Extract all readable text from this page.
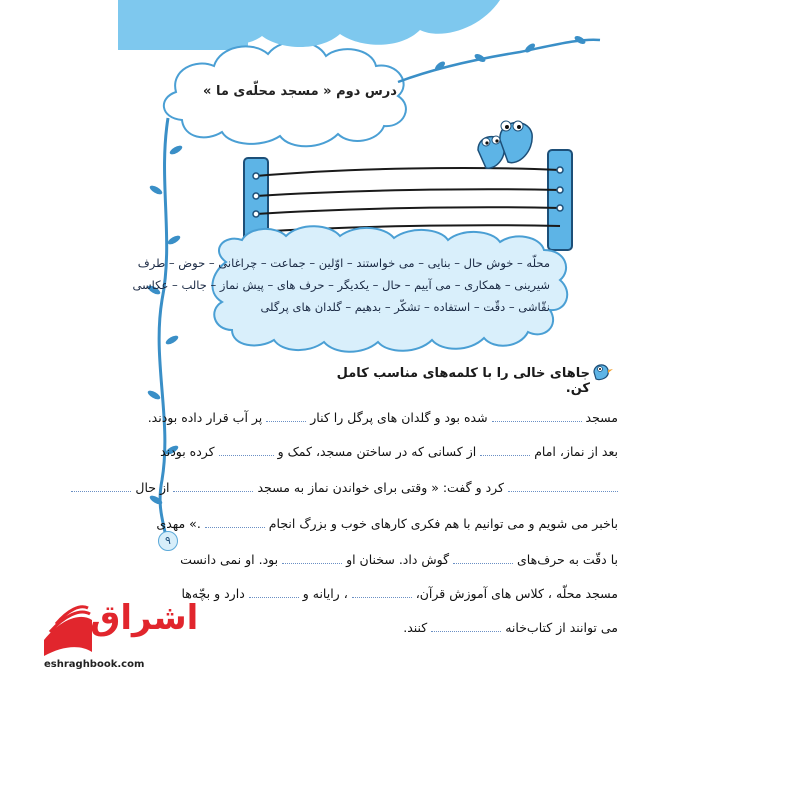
درس دوم « مسجد محلّه‌ی ما »
محلّه – خوش حال – بنایی – می خواستند – اوّلین – جماعت – چراغانی – حوض – طرف
شیرینی – همکاری – می آییم – حال – یکدیگر – حرف های – پیش نماز – جالب – عکاسی
نقّاشی – دقّت – استفاده – تشکّر – بدهیم – گلدان های پرگلی
جاهای خالی را با کلمه‌های مناسب کامل کن.
مسجد  شده بود و گلدان های پرگل را کنار  پر آب قرار داده بودند.
بعد از نماز، امام  از کسانی که در ساختن مسجد، کمک و  کرده بودند
کرد و گفت: « وقتی برای خواندن نماز به مسجد  از حال
باخبر می شویم و می توانیم با هم فکری کارهای خوب و بزرگ انجام  .» مهدی
با دقّت به حرف‌های  گوش داد. سخنان او  بود. او نمی دانست
مسجد محلّه ، کلاس های آموزش قرآن،  ، رایانه و  دارد و بچّه‌ها
می توانند از کتاب‌خانه  کنند.
۹
اشراق
eshraghbook.com
